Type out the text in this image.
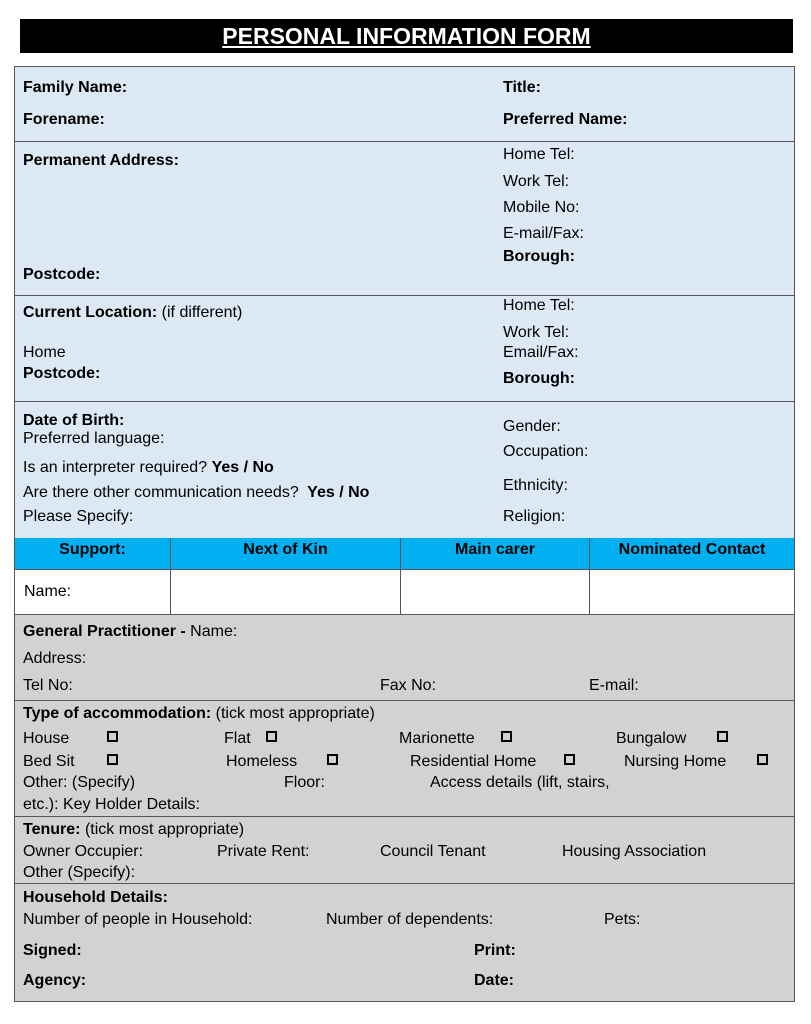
PERSONAL INFORMATION FORM
Family Name:	Title:
Forename:	Preferred Name:
Permanent Address:
Postcode:
Home Tel:
Work Tel:
Mobile No:
E-mail/Fax:
Borough:
Current Location: (if different)
Home
Postcode:
Home Tel:
Work Tel:
Email/Fax:
Borough:
Date of Birth:
Preferred language:
Is an interpreter required? Yes / No
Are there other communication needs? Yes / No
Please Specify:
Gender:
Occupation:
Ethnicity:
Religion:
Support:	Next of Kin	Main carer	Nominated Contact
Name:
General Practitioner - Name:
Address:
Tel No:	Fax No:	E-mail:
Type of accommodation: (tick most appropriate)
House	Flat	Marionette	Bungalow
Bed Sit	Homeless	Residential Home	Nursing Home
Other: (Specify)	Floor:	Access details (lift, stairs,
etc.): Key Holder Details:
Tenure: (tick most appropriate)
Owner Occupier:	Private Rent:	Council Tenant	Housing Association
Other (Specify):
Household Details:
Number of people in Household:	Number of dependents:	Pets:
Signed:	Print:
Agency:	Date:
